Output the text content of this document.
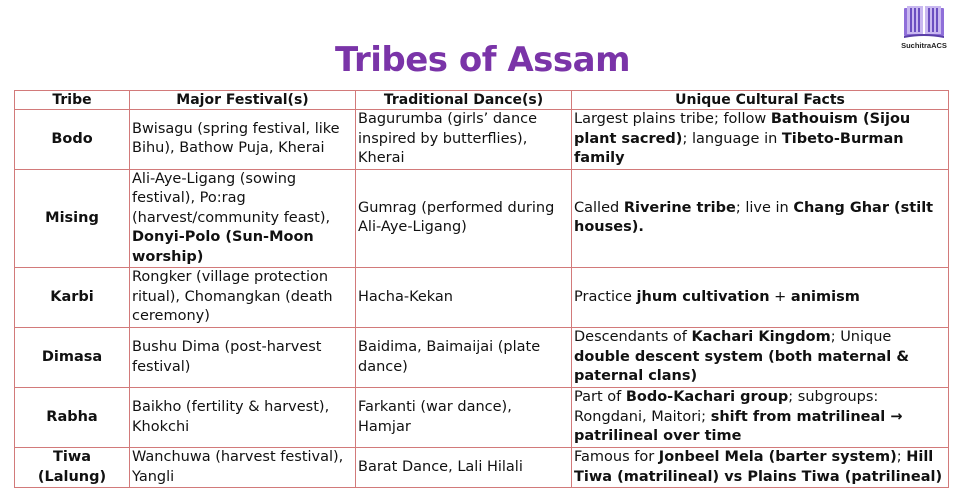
SuchitraACS
Tribes of Assam
Tribe	Major Festival(s)	Traditional Dance(s)	Unique Cultural Facts
Bodo	Bwisagu (spring festival, like Bihu), Bathow Puja, Kherai	Bagurumba (girls’ dance inspired by butterflies), Kherai	Largest plains tribe; follow Bathouism (Sijou plant sacred); language in Tibeto-Burman family
Mising	Ali-Aye-Ligang (sowing festival), Po:rag (harvest/community feast), Donyi-Polo (Sun-Moon worship)	Gumrag (performed during Ali-Aye-Ligang)	Called Riverine tribe; live in Chang Ghar (stilt houses).
Karbi	Rongker (village protection ritual), Chomangkan (death ceremony)	Hacha-Kekan	Practice jhum cultivation + animism
Dimasa	Bushu Dima (post-harvest festival)	Baidima, Baimaijai (plate dance)	Descendants of Kachari Kingdom; Unique double descent system (both maternal & paternal clans)
Rabha	Baikho (fertility & harvest), Khokchi	Farkanti (war dance), Hamjar	Part of Bodo-Kachari group; subgroups: Rongdani, Maitori; shift from matrilineal → patrilineal over time
Tiwa (Lalung)	Wanchuwa (harvest festival), Yangli	Barat Dance, Lali Hilali	Famous for Jonbeel Mela (barter system); Hill Tiwa (matrilineal) vs Plains Tiwa (patrilineal)
